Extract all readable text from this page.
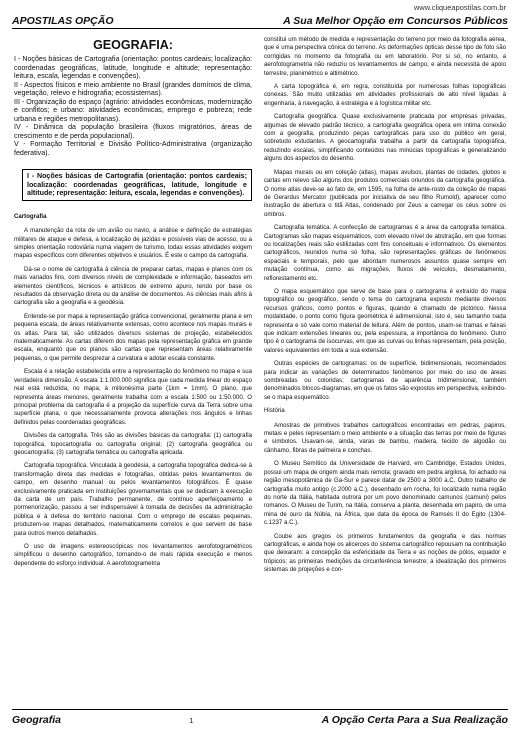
www.cliqueapostilas.com.br
APOSTILAS OPÇÃO	A Sua Melhor Opção em Concursos Públicos
GEOGRAFIA:
I - Noções básicas de Cartografia (orientação: pontos cardeais; localização: coordenadas geográficas, latitude, longitude e altitude; representação: leitura, escala, legendas e convenções).
II - Aspectos físicos e meio ambiente no Brasil (grandes domínios de clima, vegetação, relevo e hidrografia; ecossistemas).
III - Organização do espaço (agrário: atividades econômicas, modernização e conflitos; e urbano: atividades econômicas, emprego e pobreza; rede urbana e regiões metropolitanas).
IV - Dinâmica da população brasileira (fluxos migratórios, áreas de crescimento e de perda populacional).
V - Formação Territorial e Divisão Político-Administrativa (organização federativa).
I - Noções básicas de Cartografia (orientação: pontos cardeais; localização: coordenadas geográficas, latitude, longitude e altitude; representação: leitura, escala, legendas e convenções).
Cartografia

A manutenção da rota de um avião ou navio, a análise e definição de estratégias militares de ataque e defesa, a localização de jazidas e possíveis vias de acesso, ou a simples orientação rodoviária numa viagem de turismo, todas essas atividades exigem mapas específicos com diferentes objetivos e usuários. É este o campo da cartografia.

Dá-se o nome de cartografia à ciência de preparar cartas, mapas e planos com os mais variados fins, com diversos níveis de complexidade e informação, baseados em elementos científicos, técnicos e artísticos de extremo apuro, tendo por base os resultados da observação direta ou da análise de documentos. As ciências mais afins à cartografia são a geografia e a geodésia.

Entende-se por mapa a representação gráfica convencional, geralmente plana e em pequena escala, de áreas relativamente extensas, como acontece nos mapas murais e os atlas. Para tal, são utilizados diversos sistemas de projeção, estabelecidos matematicamente. As cartas diferem dos mapas pela representação gráfica em grande escala, enquanto que os planos são cartas que representam áreas relativamente pequenas, o que permite desprezar a curvatura e adotar escala constante.

Escala é a relação estabelecida entre a representação do fenômeno no mapa e sua verdadeira dimensão. A escala 1:1.000.000 significa que cada medida linear do espaço real está reduzida, no mapa, à milionésima parte (1km = 1mm). O plano, que representa áreas menores, geralmente trabalha com a escala 1:500 ou 1:50.000. O principal problema da cartografia é a projeção da superfície curva da Terra sobre uma superfície plana, o que necessariamente provoca alterações nos ângulos e linhas definidos pelas coordenadas geográficas.

Divisões da cartografia. Três são as divisões básicas da cartografia: (1) cartografia topográfica, topocartografia ou cartografia original; (2) cartografia geográfica ou geocartografia; (3) cartografia temática ou cartografia aplicada.

Cartografia topográfica. Vinculada à geodésia, a cartografia topográfica dedica-se à transformação direta das medidas e fotografias, obtidas pelos levantamentos de campo, em desenho manual ou pelos levantamentos fotográficos. É quase exclusivamente praticada em instituições governamentais que se dedicam à execução da carta de um país. Trabalho permanente, de contínuo aperfeiçoamento e pormenorização, passou a ser indispensável à tomada de decisões da administração pública e à defesa do território nacional. Com o emprego de escalas pequenas, produzem-se mapas detalhados, matematicamente corretos e que servem de base para outros menos detalhados.

O uso de imagens estereoscópicas nos levantamentos aerofotogramétricos simplificou o desenho cartográfico, tornando-o de mais rápida execução e menos dependente do esforço individual. A aerofotogrametria

constitui um método de medida e representação do terreno por meio da fotografia aérea, que é uma perspectiva cônica do terreno. As deformações ópticas desse tipo de foto são corrigidas no momento da fotografia ou em laboratório. Por si só, no entanto, a aerofotogrametria não reduziu os levantamentos de campo, e ainda necessita de apoio terrestre, planimétrico e altimétrico.

A carta topográfica é, em regra, constituída por numerosas folhas topográficas conexas. São muito utilizadas em atividades profissionais de alto nível ligadas à engenharia, à navegação, à estratégia e à logística militar etc.

Cartografia geográfica. Quase exclusivamente praticada por empresas privadas, algumas de elevado padrão técnico, a cartografia geográfica opera em íntima conexão com a geografia, produzindo peças cartográficas para uso do público em geral, sobretudo estudantes. A geocartografia trabalha a partir da cartografia topográfica, reduzindo escalas, simplificando conteúdos nas minúcias topográficas e generalizando alguns dos aspectos do desenho.

Mapas murais ou em coleção (atlas), mapas avulsos, plantas de cidades, globos e cartas em relevo são alguns dos produtos comerciais oriundos da cartografia geográfica. O nome atlas deve-se ao fato de, em 1595, na folha de ante-rosto da coleção de mapas de Gerardus Mercator (publicada por iniciativa de seu filho Rumold), aparecer como ilustração de abertura o titã Atlas, condenado por Zeus a carregar os céus sobre os ombros.

Cartografia temática. A confecção de cartogramas é a área da cartografia temática. Cartogramas são mapas esquemáticos, com elevado nível de abstração, em que formas ou localizações reais são estilizadas com fins conceituais e informativos. Os elementos cartográficos, reunidos numa só folha, são representações gráficas de fenômenos espaciais e temporais, pelo que abordam numerosos assuntos quase sempre em mutação contínua, como as migrações, fluxos de veículos, desmatamento, reflorestamento etc.

O mapa esquemático que serve de base para o cartograma é extraído do mapa topográfico ou geográfico, sendo o tema do cartograma exposto mediante diversos recursos gráficos, como pontos e figuras, quando é chamado de pictórico. Nessa modalidade, o ponto como figura geométrica é adimensional, isto é, seu tamanho nada representa e só vale como material de leitura. Além de pontos, usam-se tramas e faixas que indicam extensões lineares ou, pela espessura, a importância do fenômeno. Outro tipo é o cartograma de isocurvas, em que as curvas ou linhas representam, pela posição, valores equivalentes em toda a sua extensão.

Outras espécies de cartogramas: os de superfície, bidimensionais, recomendados para indicar as variações de determinados fenômenos por meio do uso de áreas sombreadas ou coloridas; cartogramas de aparência tridimensional, também denominados blocos-diagramas, em que os fatos são expostos em perspectiva, exibindo-se o mapa esquemático.

História

Amostras de primitivos trabalhos cartográficos encontradas em pedras, papiros, metais e peles representam o meio ambiente e a situação das terras por meio de figuras e símbolos. Usavam-se, ainda, varas de bambu, madeira, tecido de algodão ou cânhamo, fibras de palmeira e conchas.

O Museu Semítico da Universidade de Harvard, em Cambridge, Estados Unidos, possui um mapa de origem ainda mais remota; gravado em pedra argilosa, foi achado na região mesopotâmica de Ga-Sur e parece datar de 2500 a 3000 a.C. Outro trabalho de cartografia muito antigo (c.2000 a.C.), desenhado em rocha, foi localizado numa região do norte da Itália, habitada outrora por um povo denominado camunos (camuni) pelos romanos. O Museu de Turim, na Itália, conserva a planta, desenhada em papiro, de uma mina de ouro da Núbia, na África, que data da época de Ramsés II do Egito (1304-c.1237 a.C.).

Coube aos gregos os primeiros fundamentos da geografia e das normas cartográficas, e ainda hoje os alicerces do sistema cartográfico repousam na contribuição que deixaram: a concepção da esfericidade da Terra e as noções de pólos, equador e trópicos; as primeiras medições da circunferência terrestre; a idealização dos primeiros sistemas de projeções e con-

Geografia	1	A Opção Certa Para a Sua Realização
